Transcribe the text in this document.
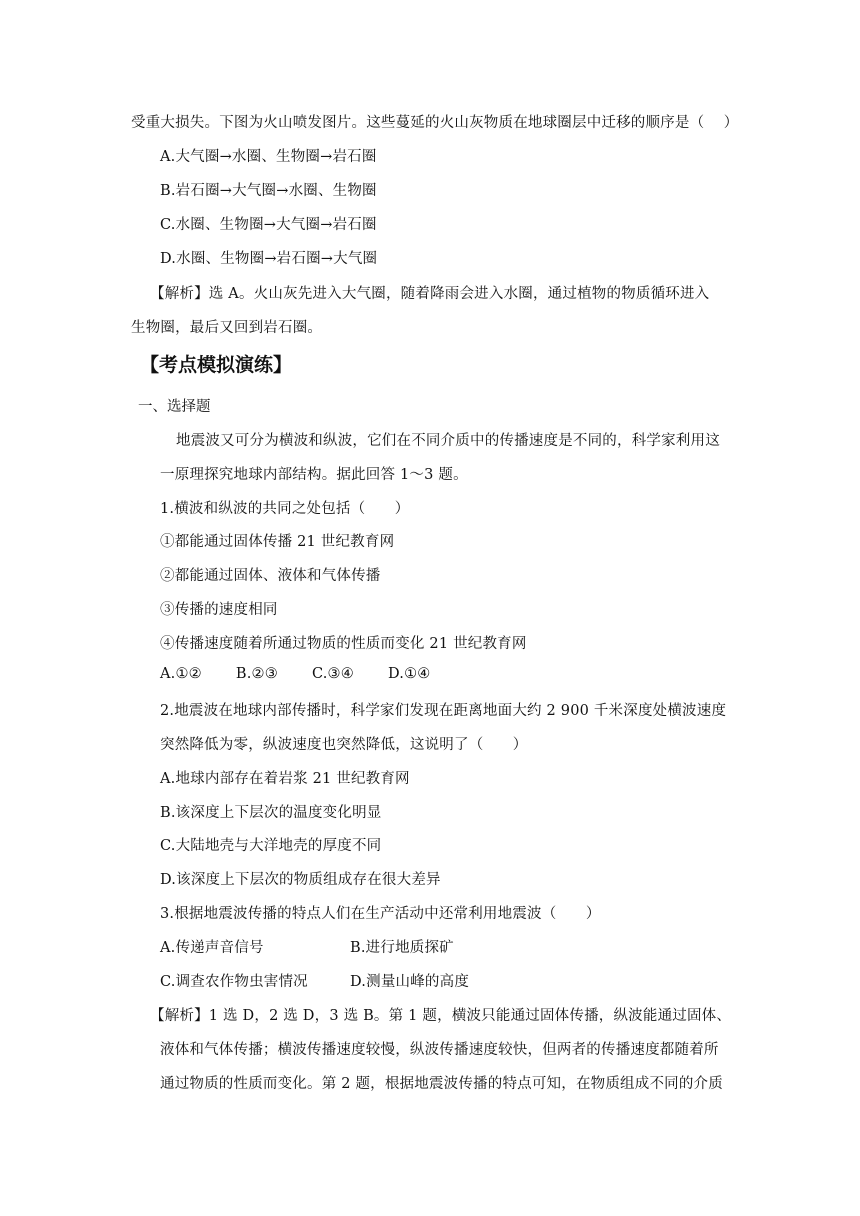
受重大损失。下图为火山喷发图片。这些蔓延的火山灰物质在地球圈层中迁移的顺序是（　 ）
A.大气圈→水圈、生物圈→岩石圈
B.岩石圈→大气圈→水圈、生物圈
C.水圈、生物圈→大气圈→岩石圈
D.水圈、生物圈→岩石圈→大气圈
【解析】选 A。火山灰先进入大气圈，随着降雨会进入水圈，通过植物的物质循环进入
生物圈，最后又回到岩石圈。
【考点模拟演练】
一、选择题
地震波又可分为横波和纵波，它们在不同介质中的传播速度是不同的，科学家利用这
一原理探究地球内部结构。据此回答 1～3 题。
1.横波和纵波的共同之处包括（　　）
①都能通过固体传播 21 世纪教育网
②都能通过固体、液体和气体传播
③传播的速度相同
④传播速度随着所通过物质的性质而变化 21 世纪教育网
A.①② B.②③ C.③④ D.①④
2.地震波在地球内部传播时，科学家们发现在距离地面大约 2 900 千米深度处横波速度
突然降低为零，纵波速度也突然降低，这说明了（　　）
A.地球内部存在着岩浆 21 世纪教育网
B.该深度上下层次的温度变化明显
C.大陆地壳与大洋地壳的厚度不同
D.该深度上下层次的物质组成存在很大差异
3.根据地震波传播的特点人们在生产活动中还常利用地震波（　　）
A.传递声音信号	B.进行地质探矿
C.调查农作物虫害情况	D.测量山峰的高度
【解析】1 选 D，2 选 D，3 选 B。第 1 题，横波只能通过固体传播，纵波能通过固体、
液体和气体传播；横波传播速度较慢，纵波传播速度较快，但两者的传播速度都随着所
通过物质的性质而变化。第 2 题，根据地震波传播的特点可知，在物质组成不同的介质
